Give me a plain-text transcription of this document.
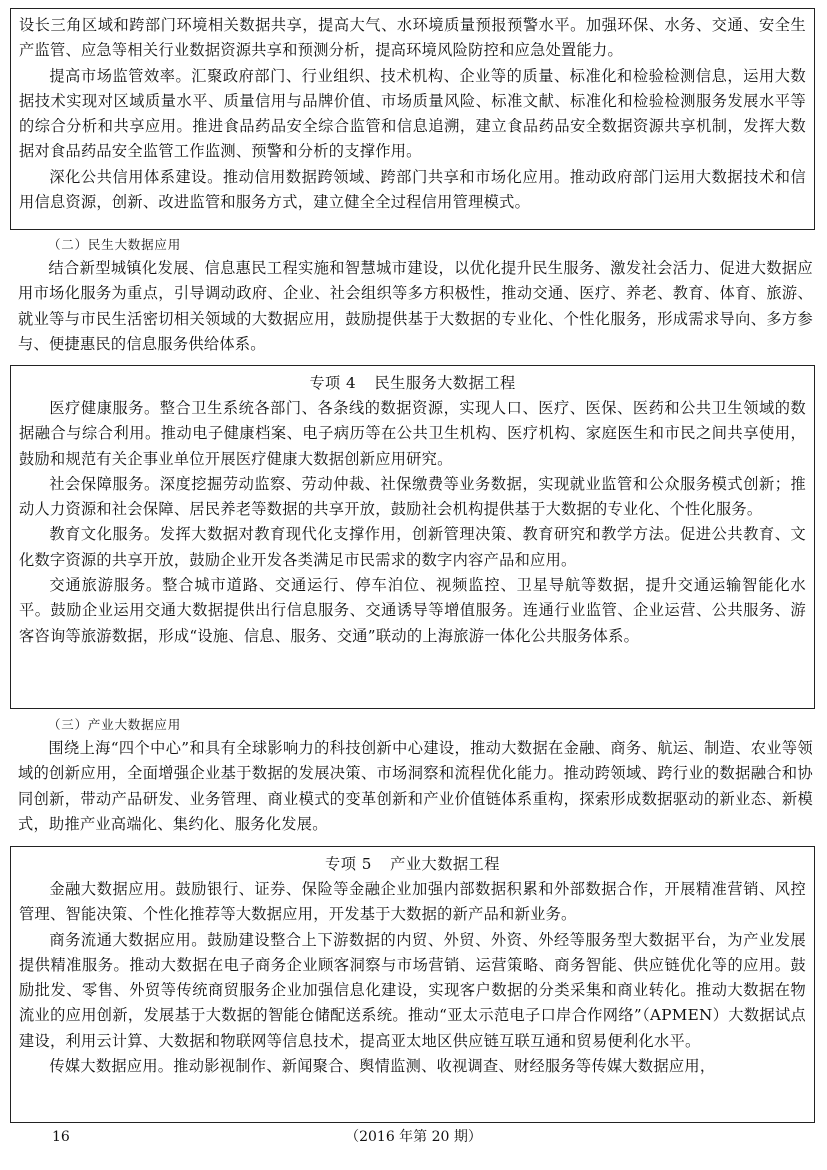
设长三角区域和跨部门环境相关数据共享，提高大气、水环境质量预报预警水平。加强环保、水务、交通、安全生产监管、应急等相关行业数据资源共享和预测分析，提高环境风险防控和应急处置能力。

提高市场监管效率。汇聚政府部门、行业组织、技术机构、企业等的质量、标准化和检验检测信息，运用大数据技术实现对区域质量水平、质量信用与品牌价值、市场质量风险、标准文献、标准化和检验检测服务发展水平等的综合分析和共享应用。推进食品药品安全综合监管和信息追溯，建立食品药品安全数据资源共享机制，发挥大数据对食品药品安全监管工作监测、预警和分析的支撑作用。

深化公共信用体系建设。推动信用数据跨领域、跨部门共享和市场化应用。推动政府部门运用大数据技术和信用信息资源，创新、改进监管和服务方式，建立健全全过程信用管理模式。

（二）民生大数据应用

结合新型城镇化发展、信息惠民工程实施和智慧城市建设，以优化提升民生服务、激发社会活力、促进大数据应用市场化服务为重点，引导调动政府、企业、社会组织等多方积极性，推动交通、医疗、养老、教育、体育、旅游、就业等与市民生活密切相关领域的大数据应用，鼓励提供基于大数据的专业化、个性化服务，形成需求导向、多方参与、便捷惠民的信息服务供给体系。

专项 4 民生服务大数据工程

医疗健康服务。整合卫生系统各部门、各条线的数据资源，实现人口、医疗、医保、医药和公共卫生领域的数据融合与综合利用。推动电子健康档案、电子病历等在公共卫生机构、医疗机构、家庭医生和市民之间共享使用，鼓励和规范有关企事业单位开展医疗健康大数据创新应用研究。

社会保障服务。深度挖掘劳动监察、劳动仲裁、社保缴费等业务数据，实现就业监管和公众服务模式创新；推动人力资源和社会保障、居民养老等数据的共享开放，鼓励社会机构提供基于大数据的专业化、个性化服务。

教育文化服务。发挥大数据对教育现代化支撑作用，创新管理决策、教育研究和教学方法。促进公共教育、文化数字资源的共享开放，鼓励企业开发各类满足市民需求的数字内容产品和应用。

交通旅游服务。整合城市道路、交通运行、停车泊位、视频监控、卫星导航等数据，提升交通运输智能化水平。鼓励企业运用交通大数据提供出行信息服务、交通诱导等增值服务。连通行业监管、企业运营、公共服务、游客咨询等旅游数据，形成“设施、信息、服务、交通”联动的上海旅游一体化公共服务体系。

（三）产业大数据应用

围绕上海“四个中心”和具有全球影响力的科技创新中心建设，推动大数据在金融、商务、航运、制造、农业等领域的创新应用，全面增强企业基于数据的发展决策、市场洞察和流程优化能力。推动跨领域、跨行业的数据融合和协同创新，带动产品研发、业务管理、商业模式的变革创新和产业价值链体系重构，探索形成数据驱动的新业态、新模式，助推产业高端化、集约化、服务化发展。

专项 5 产业大数据工程

金融大数据应用。鼓励银行、证券、保险等金融企业加强内部数据积累和外部数据合作，开展精准营销、风控管理、智能决策、个性化推荐等大数据应用，开发基于大数据的新产品和新业务。

商务流通大数据应用。鼓励建设整合上下游数据的内贸、外贸、外资、外经等服务型大数据平台，为产业发展提供精准服务。推动大数据在电子商务企业顾客洞察与市场营销、运营策略、商务智能、供应链优化等的应用。鼓励批发、零售、外贸等传统商贸服务企业加强信息化建设，实现客户数据的分类采集和商业转化。推动大数据在物流业的应用创新，发展基于大数据的智能仓储配送系统。推动“亚太示范电子口岸合作网络”（APMEN）大数据试点建设，利用云计算、大数据和物联网等信息技术，提高亚太地区供应链互联互通和贸易便利化水平。

传媒大数据应用。推动影视制作、新闻聚合、舆情监测、收视调查、财经服务等传媒大数据应用，

16	（2016 年第 20 期）
